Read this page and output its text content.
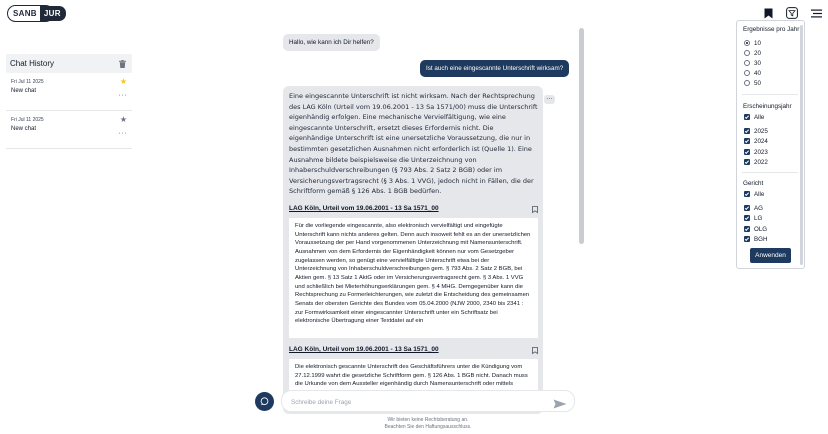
SANB JUR
Chat History
Fri Jul 11 2025
New chat
★
···
Fri Jul 11 2025
New chat
★
···
Hallo, wie kann ich Dir helfen?
Ist auch eine eingescannte Unterschrift wirksam?
Eine eingescannte Unterschrift ist nicht wirksam. Nach der Rechtsprechung des LAG Köln (Urteil vom 19.06.2001 - 13 Sa 1571/00) muss die Unterschrift eigenhändig erfolgen. Eine mechanische Vervielfältigung, wie eine eingescannte Unterschrift, ersetzt dieses Erfordernis nicht. Die eigenhändige Unterschrift ist eine unersetzliche Voraussetzung, die nur in bestimmten gesetzlichen Ausnahmen nicht erforderlich ist (Quelle 1). Eine Ausnahme bildete beispielsweise die Unterzeichnung von Inhaberschuldverschreibungen (§ 793 Abs. 2 Satz 2 BGB) oder im Versicherungsvertragsrecht (§ 3 Abs. 1 VVG), jedoch nicht in Fällen, die der Schriftform gemäß § 126 Abs. 1 BGB bedürfen.
LAG Köln, Urteil vom 19.06.2001 - 13 Sa 1571_00
Für die vorliegende eingescannte, also elektronisch vervielfältigt und eingefügte Unterschrift kann nichts anderes gelten. Denn auch insoweit fehlt es an der unersetzlichen Voraussetzung der per Hand vorgenommenen Unterzeichnung mit Namensunterschrift. Ausnahmen von dem Erfordernis der Eigenhändigkeit können nur vom Gesetzgeber zugelassen werden, so genügt eine vervielfältigte Unterschrift etwa bei der Unterzeichnung von Inhaberschuldverschreibungen gem. § 793 Abs. 2 Satz 2 BGB, bei Aktien gem. § 13 Satz 1 AktG oder im Versicherungsvertragsrecht gem. § 3 Abs. 1 VVG und schließlich bei Mieterhöhungserklärungen gem. § 4 MHG. Demgegenüber kann die Rechtsprechung zu Formerleichterungen, wie zuletzt die Entscheidung des gemeinsamen Senats der obersten Gerichte des Bundes vom 05.04.2000 (NJW 2000, 2340 bis 2341 : zur Formwirksamkeit einer eingescannter Unterschrift unter ein Schriftsatz bei elektronische Übertragung einer Textdatei auf ein
LAG Köln, Urteil vom 19.06.2001 - 13 Sa 1571_00
Die elektronisch gescannte Unterschrift des Geschäftsführers unter die Kündigung vom 27.12.1999 wahrt die gesetzliche Schriftform gem. § 126 Abs. 1 BGB nicht. Danach muss die Urkunde von dem Aussteller eigenhändig durch Namensunterschrift oder mittels
…
Schreibe deine Frage
Wir bieten keine Rechtsberatung an.
Beachten Sie den Haftungsausschluss.
Ergebnisse pro Jahr
10
20
30
40
50
Erscheinungsjahr
Alle
2025
2024
2023
2022
Gericht
Alle
AG
LG
OLG
BGH
Anwenden
